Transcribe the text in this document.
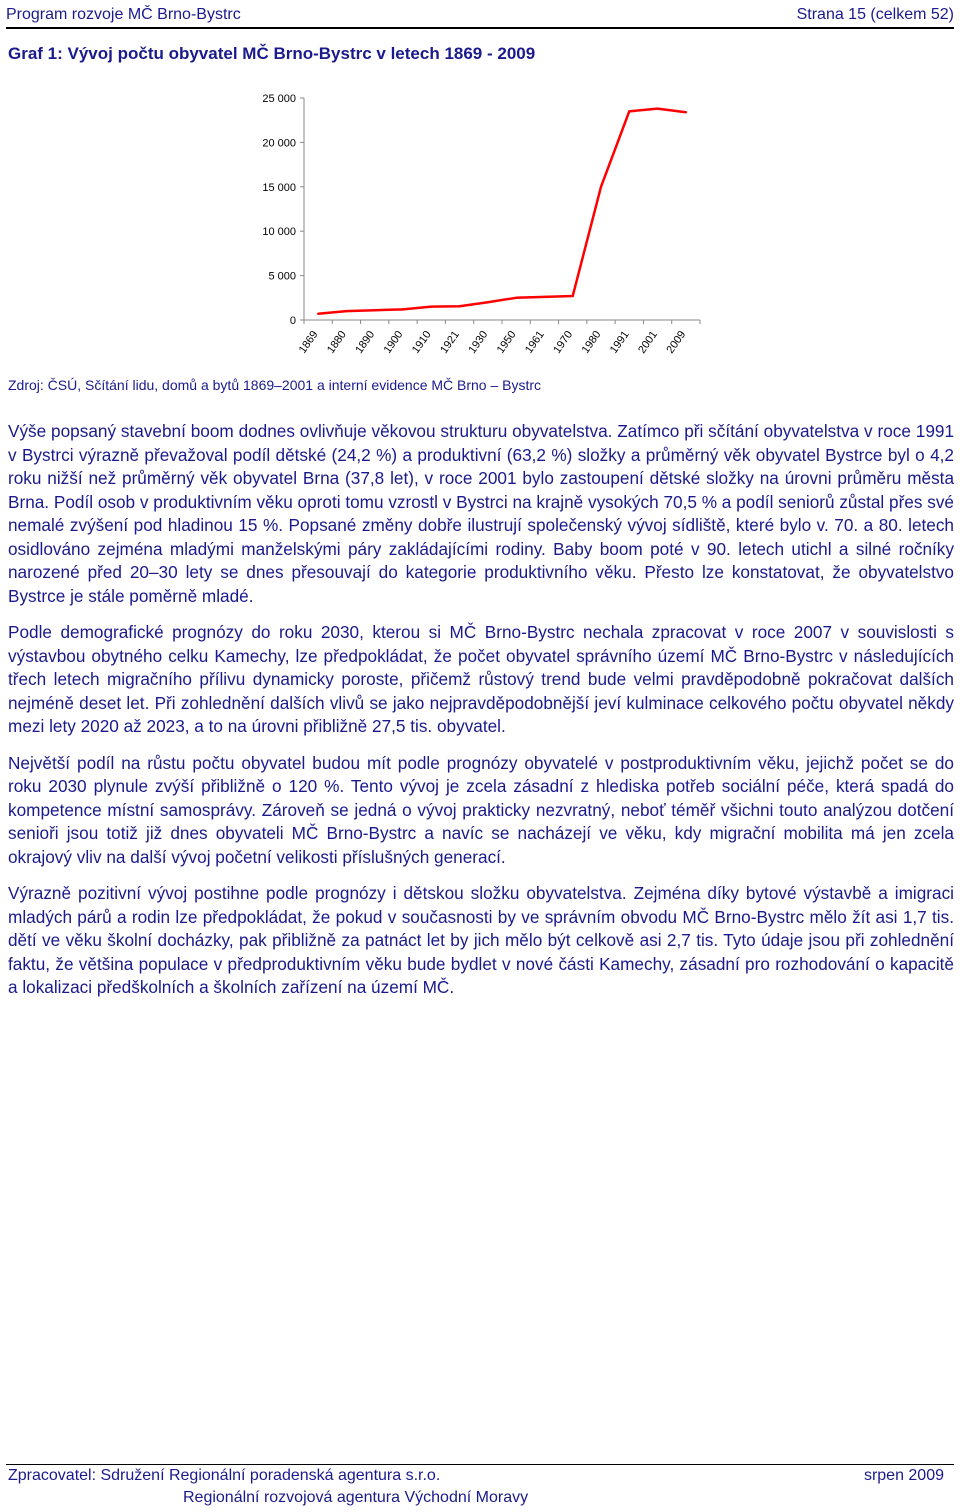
Program rozvoje MČ Brno-Bystrc	Strana 15 (celkem 52)
Graf 1: Vývoj počtu obyvatel MČ Brno-Bystrc v letech 1869 - 2009
0
5 000
10 000
15 000
20 000
25 000
1869 1880 1890 1900 1910 1921 1930 1950 1961 1970 1980 1991 2001 2009
Zdroj: ČSÚ, Sčítání lidu, domů a bytů 1869–2001 a interní evidence MČ Brno – Bystrc

Výše popsaný stavební boom dodnes ovlivňuje věkovou strukturu obyvatelstva. Zatímco při sčítání obyvatelstva v roce 1991 v Bystrci výrazně převažoval podíl dětské (24,2 %) a produktivní (63,2 %) složky a průměrný věk obyvatel Bystrce byl o 4,2 roku nižší než průměrný věk obyvatel Brna (37,8 let), v roce 2001 bylo zastoupení dětské složky na úrovni průměru města Brna. Podíl osob v produktivním věku oproti tomu vzrostl v Bystrci na krajně vysokých 70,5 % a podíl seniorů zůstal přes své nemalé zvýšení pod hladinou 15 %. Popsané změny dobře ilustrují společenský vývoj sídliště, které bylo v. 70. a 80. letech osidlováno zejména mladými manželskými páry zakládajícími rodiny. Baby boom poté v 90. letech utichl a silné ročníky narozené před 20–30 lety se dnes přesouvají do kategorie produktivního věku. Přesto lze konstatovat, že obyvatelstvo Bystrce je stále poměrně mladé.

Podle demografické prognózy do roku 2030, kterou si MČ Brno-Bystrc nechala zpracovat v roce 2007 v souvislosti s výstavbou obytného celku Kamechy, lze předpokládat, že počet obyvatel správního území MČ Brno-Bystrc v následujících třech letech migračního přílivu dynamicky poroste, přičemž růstový trend bude velmi pravděpodobně pokračovat dalších nejméně deset let. Při zohlednění dalších vlivů se jako nejpravděpodobnější jeví kulminace celkového počtu obyvatel někdy mezi lety 2020 až 2023, a to na úrovni přibližně 27,5 tis. obyvatel.

Největší podíl na růstu počtu obyvatel budou mít podle prognózy obyvatelé v postproduktivním věku, jejichž počet se do roku 2030 plynule zvýší přibližně o 120 %. Tento vývoj je zcela zásadní z hlediska potřeb sociální péče, která spadá do kompetence místní samosprávy. Zároveň se jedná o vývoj prakticky nezvratný, neboť téměř všichni touto analýzou dotčení senioři jsou totiž již dnes obyvateli MČ Brno-Bystrc a navíc se nacházejí ve věku, kdy migrační mobilita má jen zcela okrajový vliv na další vývoj početní velikosti příslušných generací.

Výrazně pozitivní vývoj postihne podle prognózy i dětskou složku obyvatelstva. Zejména díky bytové výstavbě a imigraci mladých párů a rodin lze předpokládat, že pokud v současnosti by ve správním obvodu MČ Brno-Bystrc mělo žít asi 1,7 tis. dětí ve věku školní docházky, pak přibližně za patnáct let by jich mělo být celkově asi 2,7 tis. Tyto údaje jsou při zohlednění faktu, že většina populace v předproduktivním věku bude bydlet v nové části Kamechy, zásadní pro rozhodování o kapacitě a lokalizaci předškolních a školních zařízení na území MČ.

Zpracovatel: Sdružení Regionální poradenská agentura s.r.o.	srpen 2009
Regionální rozvojová agentura Východní Moravy
